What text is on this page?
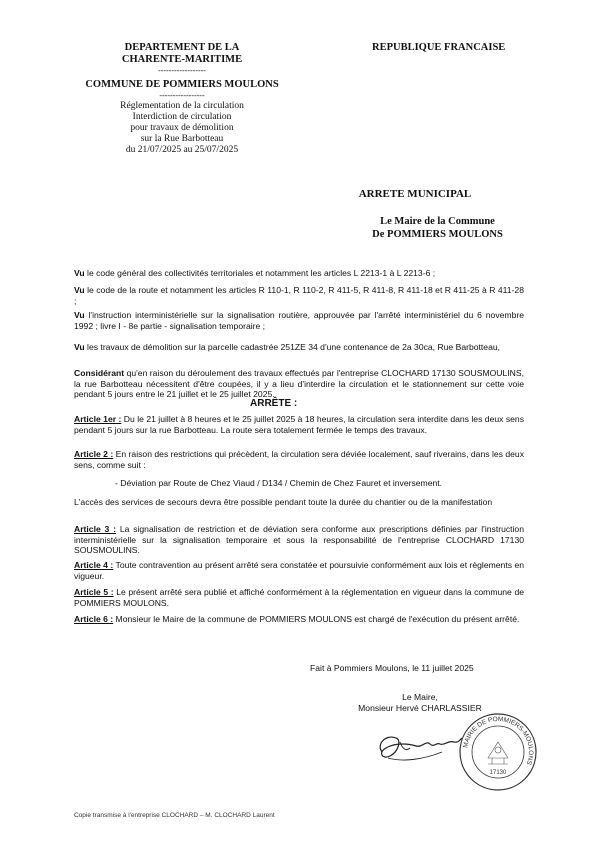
DEPARTEMENT DE LA
CHARENTE-MARITIME
------------------
COMMUNE DE POMMIERS MOULONS
-----------------
Réglementation de la circulation
Interdiction de circulation
pour travaux de démolition
sur la Rue Barbotteau
du 21/07/2025 au 25/07/2025
REPUBLIQUE FRANCAISE
ARRETE MUNICIPAL
Le Maire de la Commune
De POMMIERS MOULONS
Vu le code général des collectivités territoriales et notamment les articles L 2213-1 à L 2213-6 ;
Vu le code de la route et notamment les articles R 110-1, R 110-2, R 411-5, R 411-8, R 411-18 et R 411-25 à R 411-28 ;
Vu l'instruction interministérielle sur la signalisation routière, approuvée par l'arrêté interministériel du 6 novembre 1992 ; livre I - 8e partie - signalisation temporaire ;
Vu les travaux de démolition sur la parcelle cadastrée 251ZE 34 d'une contenance de 2a 30ca, Rue Barbotteau,
Considérant qu'en raison du déroulement des travaux effectués par l'entreprise CLOCHARD 17130 SOUSMOULINS, la rue Barbotteau nécessitent d'être coupées, il y a lieu d'interdire la circulation et le stationnement sur cette voie pendant 5 jours entre le 21 juillet et le 25 juillet 2025.
ARRÊTE :
Article 1er : Du le 21 juillet à 8 heures et le 25 juillet 2025 à 18 heures, la circulation sera interdite dans les deux sens pendant 5 jours sur la rue Barbotteau. La route sera totalement fermée le temps des travaux.
Article 2 : En raison des restrictions qui précèdent, la circulation sera déviée localement, sauf riverains, dans les deux sens, comme suit :
- Déviation par Route de Chez Viaud / D134 / Chemin de Chez Fauret et inversement.
L'accès des services de secours devra être possible pendant toute la durée du chantier ou de la manifestation
Article 3 : La signalisation de restriction et de déviation sera conforme aux prescriptions définies par l'instruction interministérielle sur la signalisation temporaire et sous la responsabilité de l'entreprise CLOCHARD 17130 SOUSMOULINS.
Article 4 : Toute contravention au présent arrêté sera constatée et poursuivie conformément aux lois et règlements en vigueur.
Article 5 : Le présent arrêté sera publié et affiché conformément à la réglementation en vigueur dans la commune de POMMIERS MOULONS.
Article 6 : Monsieur le Maire de la commune de POMMIERS MOULONS est chargé de l'exécution du présent arrêté.
Fait à Pommiers Moulons, le 11 juillet 2025
Le Maire,
Monsieur Hervé CHARLASSIER
MAIRIE DE POMMIERS-MOULONS
17130
Copie transmise à l'entreprise CLOCHARD – M. CLOCHARD Laurent
